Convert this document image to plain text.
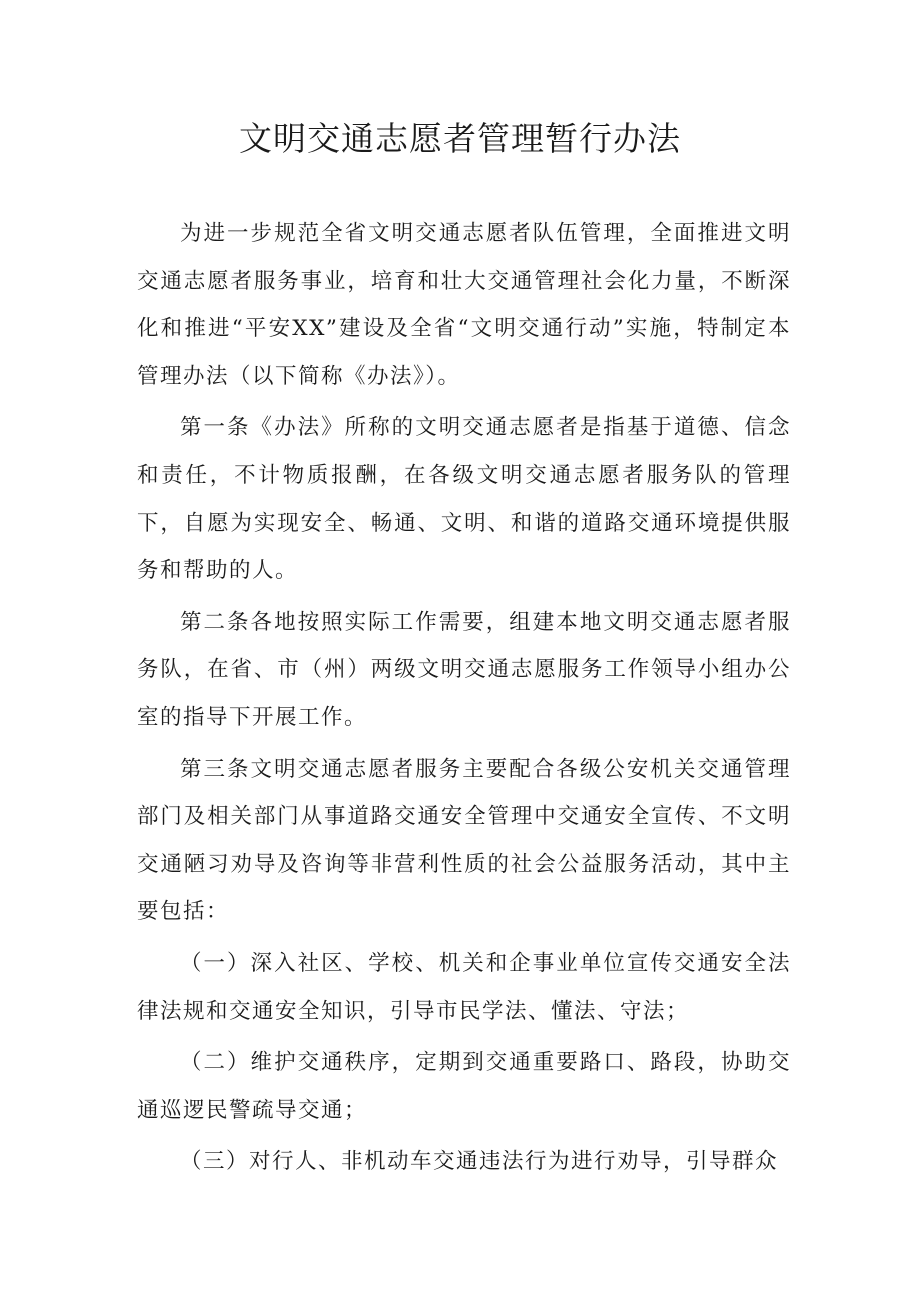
文明交通志愿者管理暂行办法

为进一步规范全省文明交通志愿者队伍管理，全面推进文明交通志愿者服务事业，培育和壮大交通管理社会化力量，不断深化和推进“平安XX”建设及全省“文明交通行动”实施，特制定本管理办法（以下简称《办法》）。

第一条《办法》所称的文明交通志愿者是指基于道德、信念和责任，不计物质报酬，在各级文明交通志愿者服务队的管理下，自愿为实现安全、畅通、文明、和谐的道路交通环境提供服务和帮助的人。

第二条各地按照实际工作需要，组建本地文明交通志愿者服务队，在省、市（州）两级文明交通志愿服务工作领导小组办公室的指导下开展工作。

第三条文明交通志愿者服务主要配合各级公安机关交通管理部门及相关部门从事道路交通安全管理中交通安全宣传、不文明交通陋习劝导及咨询等非营利性质的社会公益服务活动，其中主要包括：

（一）深入社区、学校、机关和企事业单位宣传交通安全法律法规和交通安全知识，引导市民学法、懂法、守法；

（二）维护交通秩序，定期到交通重要路口、路段，协助交通巡逻民警疏导交通；

（三）对行人、非机动车交通违法行为进行劝导，引导群众
